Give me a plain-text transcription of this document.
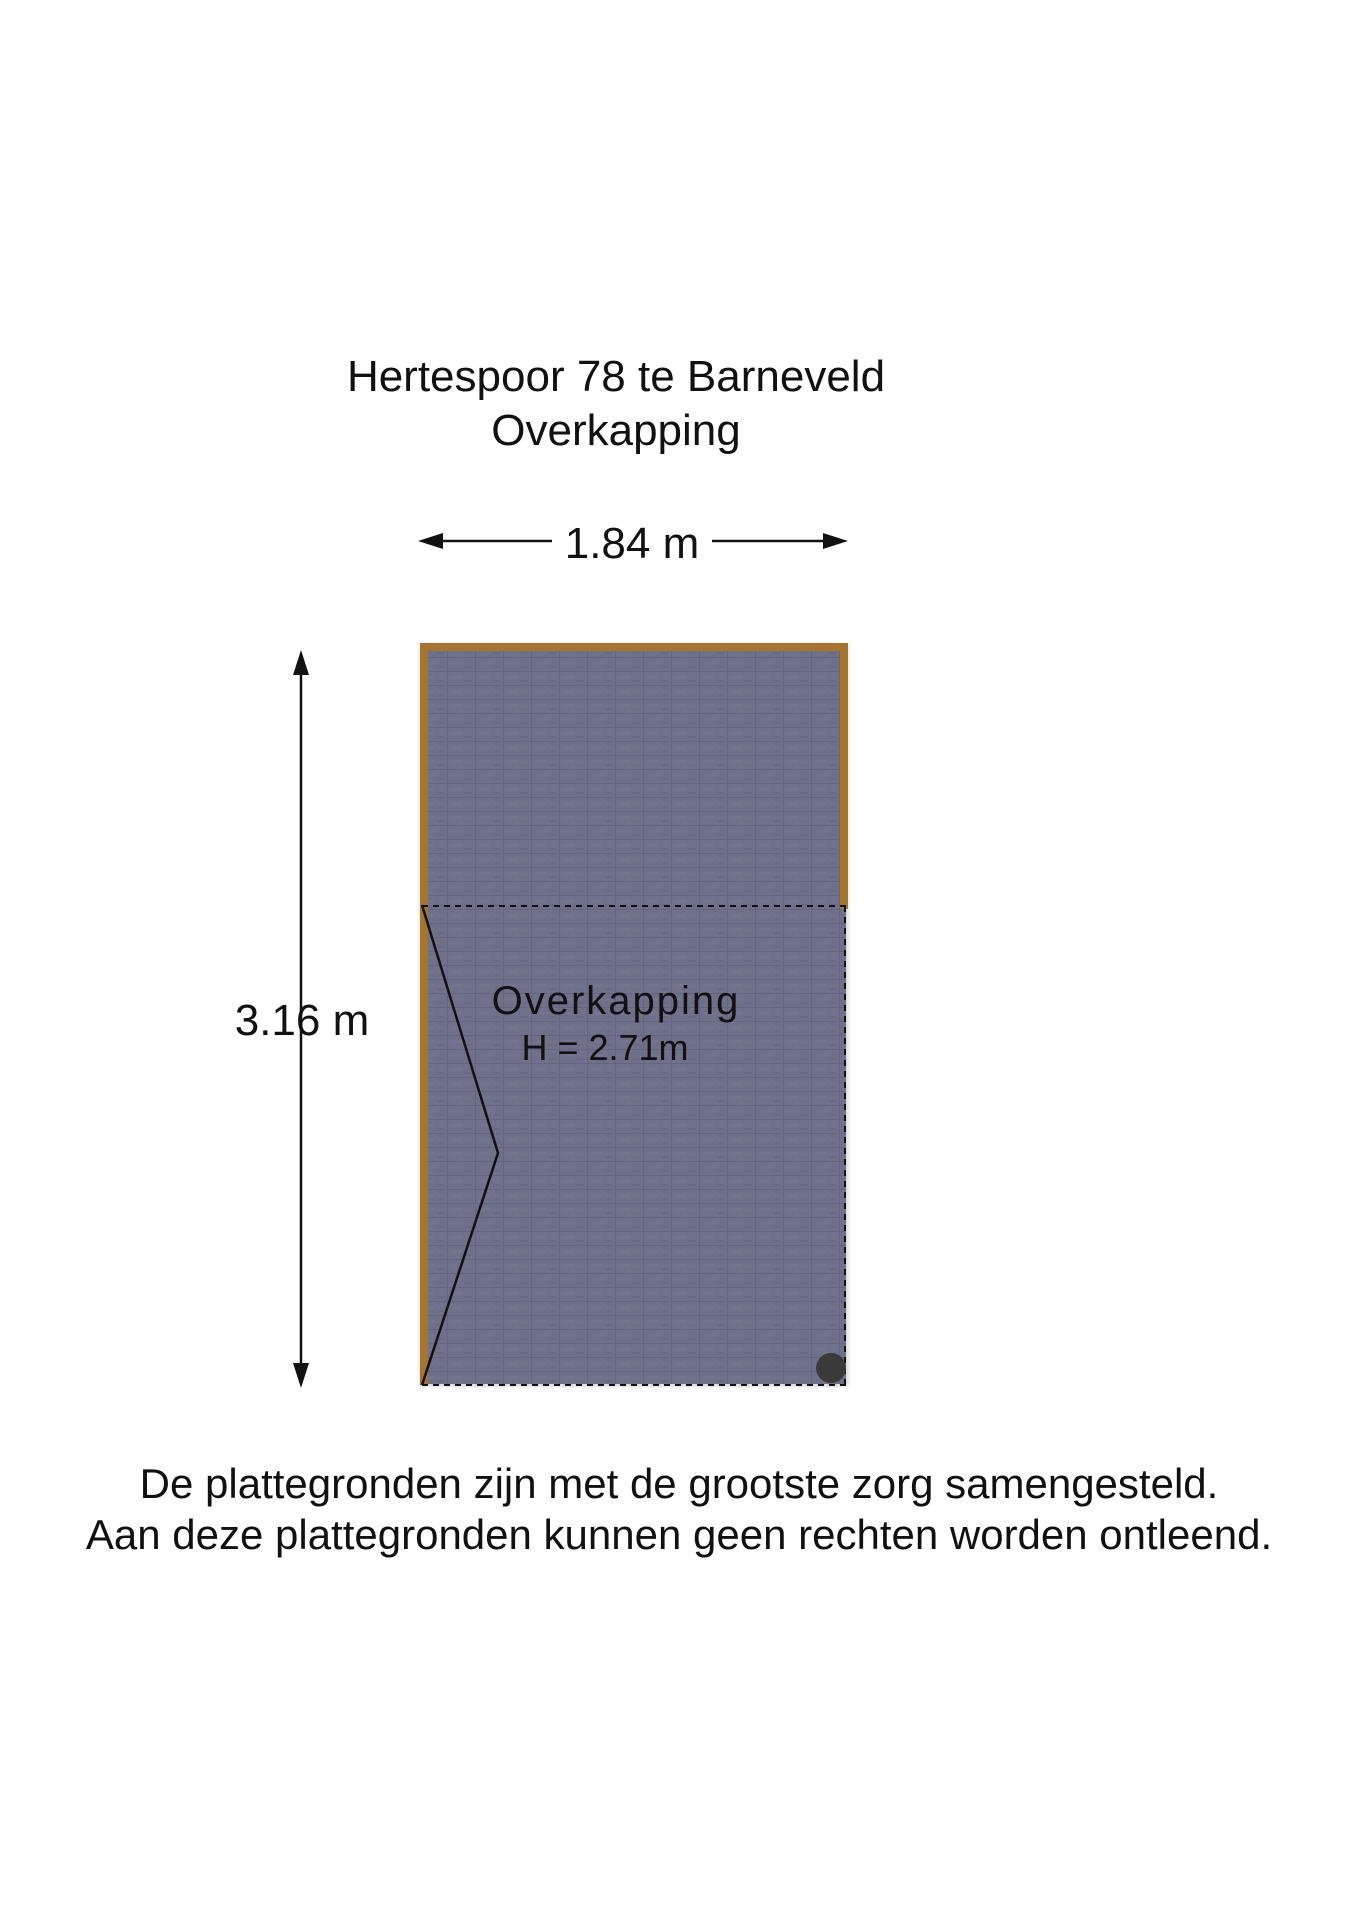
Hertespoor 78 te Barneveld
Overkapping
1.84 m
3.16 m	Overkapping
H = 2.71m
De plattegronden zijn met de grootste zorg samengesteld.
Aan deze plattegronden kunnen geen rechten worden ontleend.
